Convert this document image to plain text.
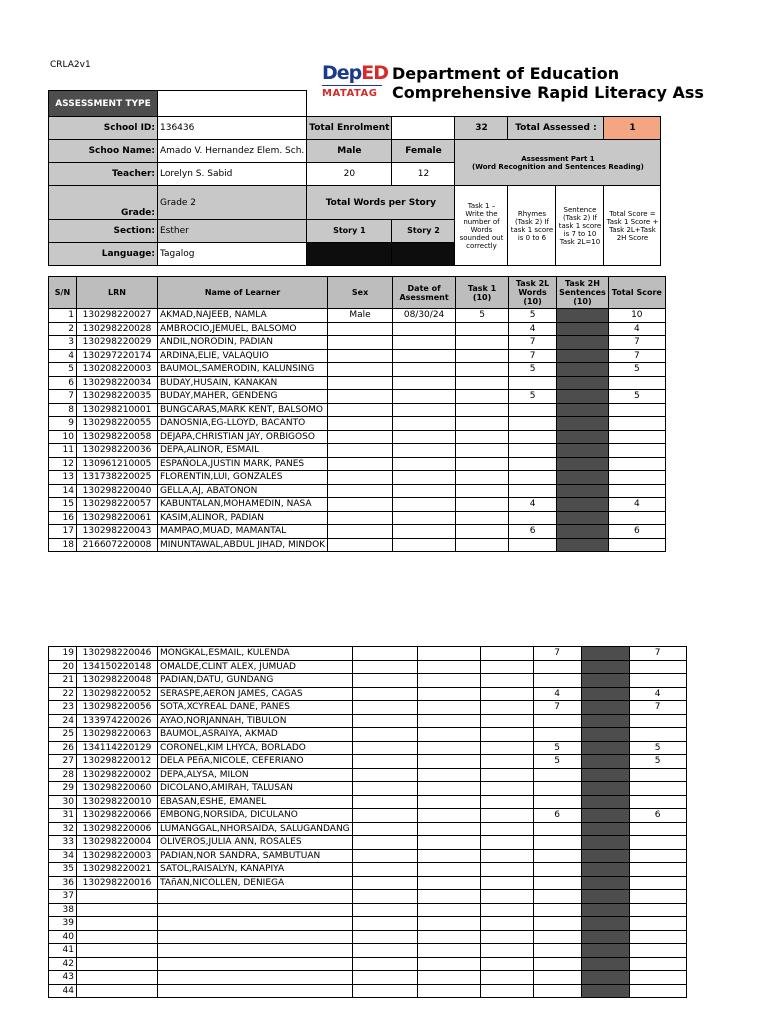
CRLA2v1	DepED
MATATAG
Department of Education
Comprehensive Rapid Literacy Ass
ASSESSMENT TYPE							
School ID:	136436	Total Enrolment		32	Total Assessed :		1
Schoo Name:	Amado V. Hernandez Elem. Sch.	Male	Female	Assessment Part 1
(Word Recognition and Sentences Reading)			

Teacher:	Lorelyn S. Sabid	20	12				
Grade:	Grade 2	Total Words per Story		Task 1 – Write the number of Words sounded out correctly	Rhymes (Task 2) If task 1 score is 0 to 6	Sentence (Task 2) If task 1 score is 7 to 10 Task 2L=10	Total Score = Task 1 Score + Task 2L+Task 2H Score
Section:	Esther	Story 1	Story 2				
Language:	Tagalog						
S/N	LRN	Name of Learner	Sex	Date of Asessment	Task 1 (10)	Task 2L Words (10)	Task 2H Sentences (10)	Total Score
1	130298220027	AKMAD,NAJEEB, NAMLA	Male	08/30/24	5	5		10
2	130298220028	AMBROCIO,JEMUEL, BALSOMO				4		4
3	130298220029	ANDIL,NORODIN, PADIAN				7		7
4	130297220174	ARDINA,ELIE, VALAQUIO				7		7
5	130208220003	BAUMOL,SAMERODIN, KALUNSING				5		5
6	130298220034	BUDAY,HUSAIN, KANAKAN						
7	130298220035	BUDAY,MAHER, GENDENG				5		5
8	130298210001	BUNGCARAS,MARK KENT, BALSOMO						
9	130298220055	DANOSNIA,EG-LLOYD, BACANTO						
10	130298220058	DEJAPA,CHRISTIAN JAY, ORBIGOSO						
11	130298220036	DEPA,ALINOR, ESMAIL						
12	130961210005	ESPAÑOLA,JUSTIN MARK, PANES						
13	131738220025	FLORENTIN,LUI, GONZALES						
14	130298220040	GELLA,AJ, ABATONON						
15	130298220057	KABUNTALAN,MOHAMEDIN, NASA				4		4
16	130298220061	KASIM,ALINOR, PADIAN						
17	130298220043	MAMPAO,MUAD, MAMANTAL				6		6
18	216607220008	MINUNTAWAL,ABDUL JIHAD, MINDOK						
19	130298220046	MONGKAL,ESMAIL, KULENDA				7		7
20	134150220148	OMALDE,CLINT ALEX, JUMUAD						
21	130298220048	PADIAN,DATU, GUNDANG						
22	130298220052	SERASPE,AERON JAMES, CAGAS				4		4
23	130298220056	SOTA,XCYREAL DANE, PANES				7		7
24	133974220026	AYAO,NORJANNAH, TIBULON						
25	130298220063	BAUMOL,ASRAIYA, AKMAD						
26	134114220129	CORONEL,KIM LHYCA, BORLADO				5		5
27	130298220012	DELA PEñA,NICOLE, CEFERIANO				5		5
28	130298220002	DEPA,ALYSA, MILON						
29	130298220060	DICOLANO,AMIRAH, TALUSAN						
30	130298220010	EBASAN,ESHE, EMANEL						
31	130298220066	EMBONG,NORSIDA, DICULANO				6		6
32	130298220006	LUMANGGAL,NHORSAIDA, SALUGANDANG						
33	130298220004	OLIVEROS,JULIA ANN, ROSALES						
34	130298220003	PADIAN,NOR SANDRA, SAMBUTUAN						
35	130298220021	SATOL,RAISALYN, KANAPIYA						
36	130298220016	TAñAN,NICOLLEN, DENIEGA						
37								
38								
39								
40								
41								
42								
43								
44								
